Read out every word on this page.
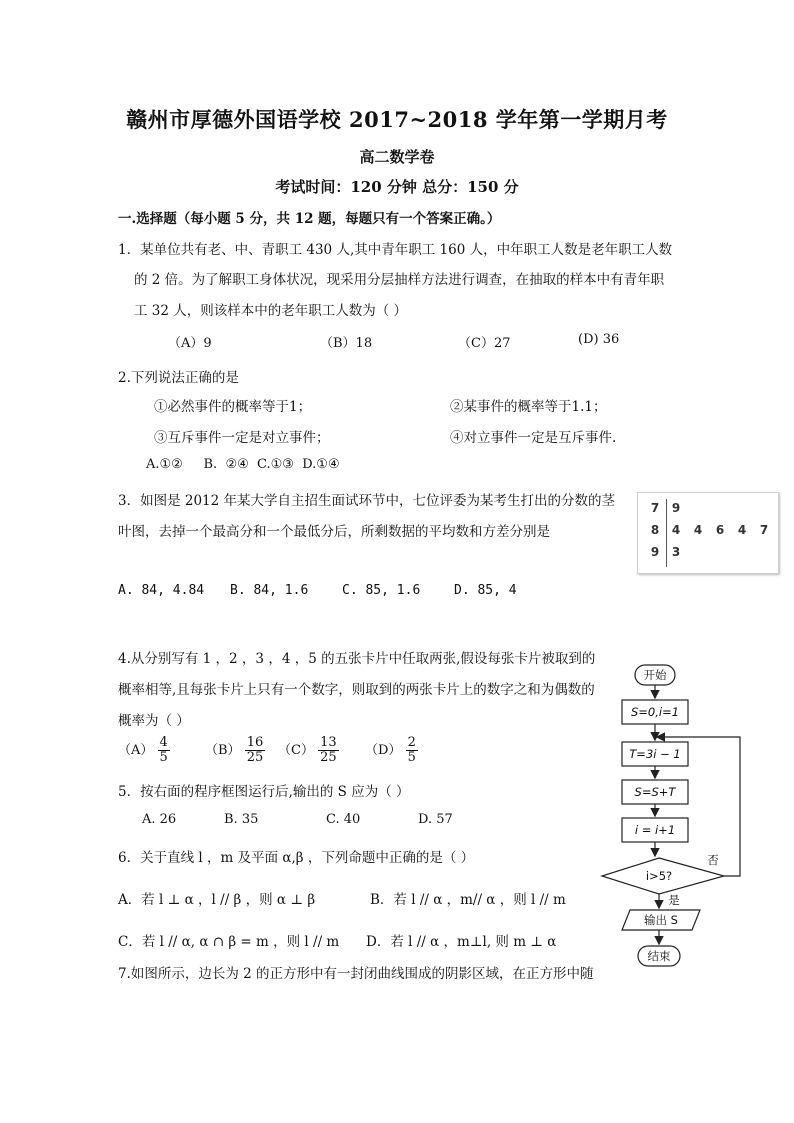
赣州市厚德外国语学校 2017~2018 学年第一学期月考
高二数学卷
考试时间：120 分钟 总分：150 分
一.选择题（每小题 5 分，共 12 题，每题只有一个答案正确。）
1．某单位共有老、中、青职工 430 人,其中青年职工 160 人，中年职工人数是老年职工人数
的 2 倍。为了解职工身体状况，现采用分层抽样方法进行调查，在抽取的样本中有青年职
工 32 人，则该样本中的老年职工人数为（ ）
（A）9	（B）18	（C）27	(D) 36
2.下列说法正确的是
①必然事件的概率等于1；	②某事件的概率等于1.1；
③互斥事件一定是对立事件；	④对立事件一定是互斥事件.
A.①②     B.  ②④  C.①③  D.①④
3．如图是 2012 年某大学自主招生面试环节中，七位评委为某考生打出的分数的茎
叶图，去掉一个最高分和一个最低分后，所剩数据的平均数和方差分别是
A. 84, 4.84 B. 84, 1.6	C. 85, 1.6	D. 85, 4
7 9
8 4 4 6 4 7
9 3
4.从分别写有 1 ，2 ，3 ，4 ，5 的五张卡片中任取两张,假设每张卡片被取到的
概率相等,且每张卡片上只有一个数字，则取到的两张卡片上的数字之和为偶数的
概率为（ ）
$(A) \frac{4}{5}$	$(B) \frac{16}{25} (C) \frac{13}{25} (D) \frac{2}{5}$
5．按右面的程序框图运行后,输出的 S 应为（ ）
A. 26	B. 35	C. 40	D. 57
6．关于直线 l ，m 及平面 α,β ，下列命题中正确的是（ ）
A．若 l ⊥ α ，l // β ，则 α ⊥ β	B．若 l // α ，m// α ，则 l // m
C．若 l // α, α ∩ β = m ，则 l // m D．若 l // α ，m⊥l, 则 m ⊥ α
7.如图所示，边长为 2 的正方形中有一封闭曲线围成的阴影区域，在正方形中随
开始
S=0,i=1
T=3i − 1
S=S+T
i = i+1
i>5?
否
是
输出 S
结束
